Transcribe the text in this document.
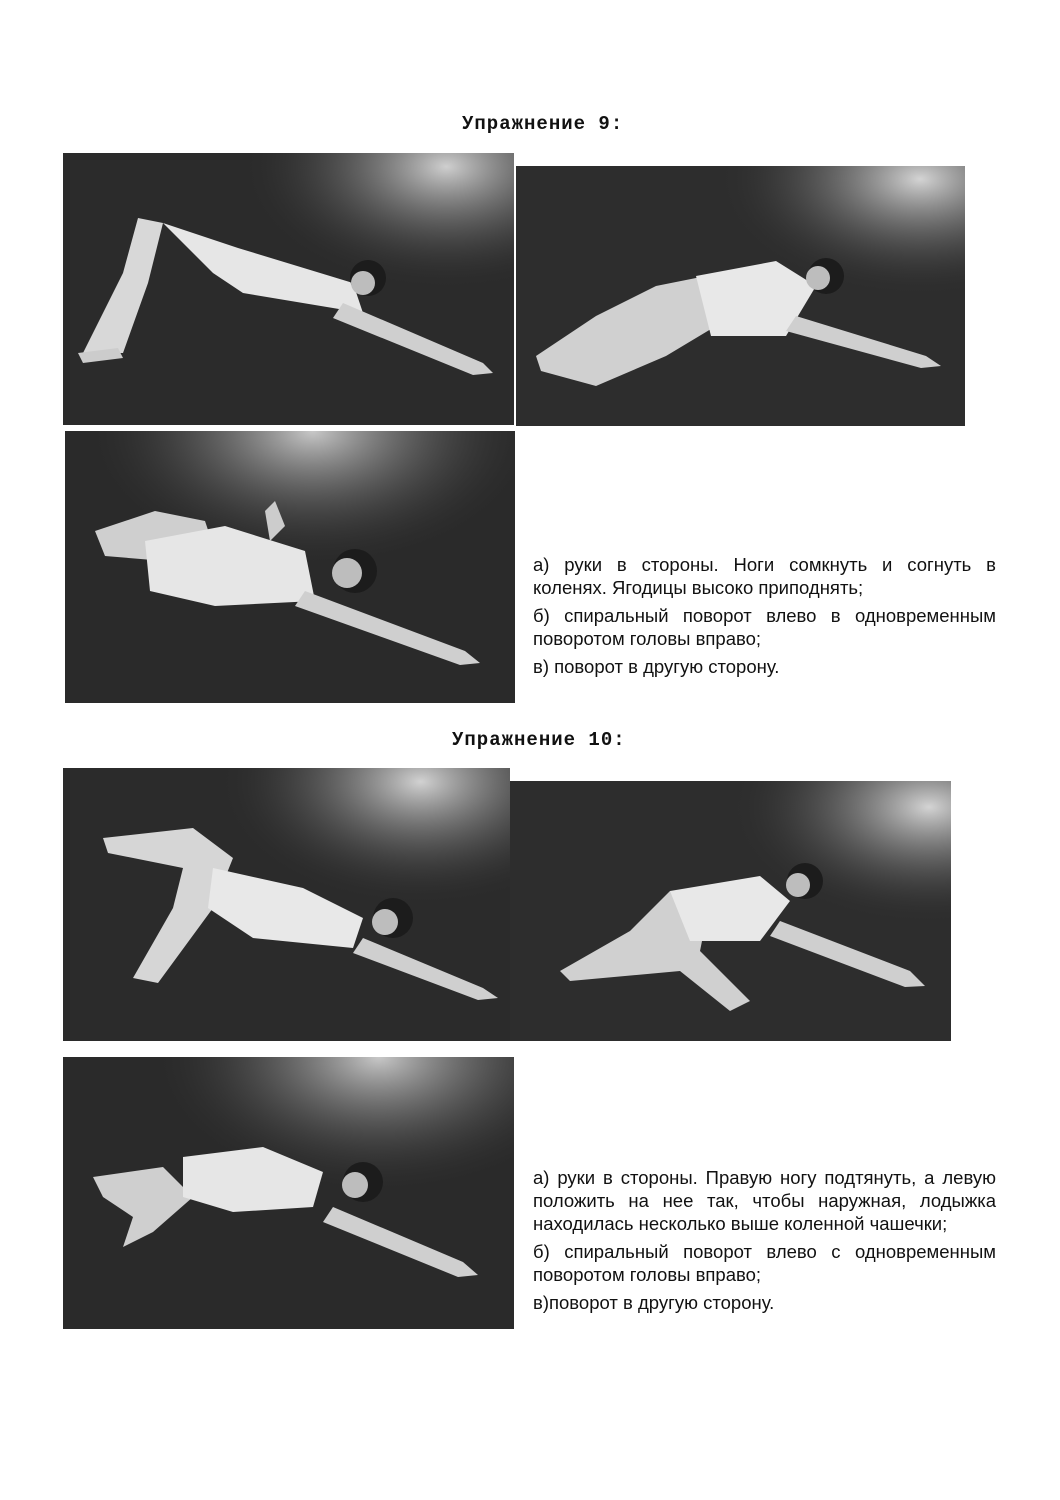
Упражнение 9:

а) руки в стороны. Ноги сомкнуть и согнуть в коленях. Ягодицы высоко приподнять;

б) спиральный поворот влево в одновременным поворотом головы вправо;

в) поворот в другую сторону.

Упражнение 10:

а) руки в стороны. Правую ногу подтянуть, а левую положить на нее так, чтобы наружная, лодыжка находилась несколько выше коленной чашечки;

б) спиральный поворот влево с одновременным поворотом головы вправо;

в)поворот в другую сторону.
